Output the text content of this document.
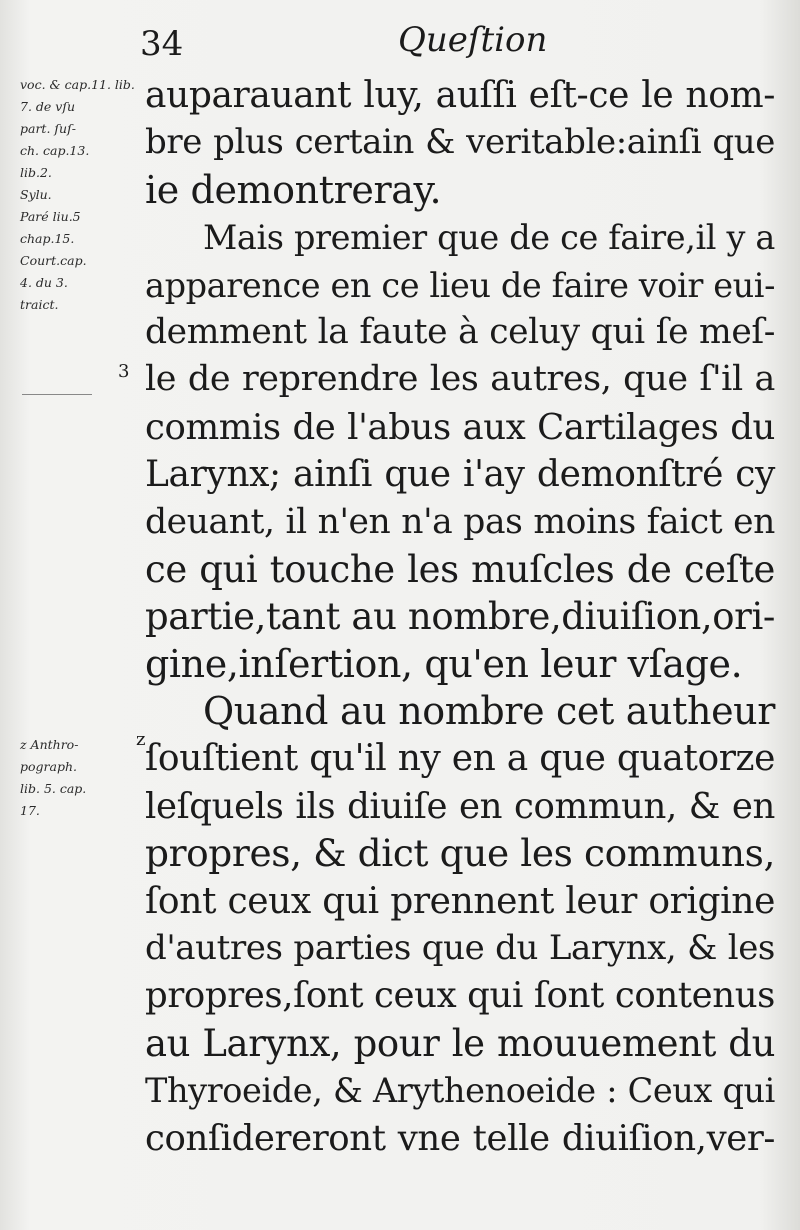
34	Queſtion
voc. & cap.11. lib.
7. de vſu
part. ſuſ-
ch. cap.13.
lib.2.
Sylu.
Paré liu.5
chap.15.
Court.cap.
4. du 3.
traict.
z Anthro-
pograph.
lib. 5. cap.
17.
3
z
auparauant luy, auſſi eſt-ce le nom-
bre plus certain & veritable:ainſi que
ie demontreray.
Mais premier que de ce faire,il y a
apparence en ce lieu de faire voir eui-
demment la faute à celuy qui ſe meſ-
le de reprendre les autres, que ſ'il a
commis de l'abus aux Cartilages du
Larynx; ainſi que i'ay demonſtré cy
deuant, il n'en n'a pas moins faict en
ce qui touche les muſcles de ceſte
partie,tant au nombre,diuiſion,ori-
gine,inſertion, qu'en leur vſage.
Quand au nombre cet autheur
ſouſtient qu'il ny en a que quatorze
leſquels ils diuiſe en commun, & en
propres, & dict que les communs,
ſont ceux qui prennent leur origine
d'autres parties que du Larynx, & les
propres,ſont ceux qui ſont contenus
au Larynx, pour le mouuement du
Thyroeide, & Arythenoeide : Ceux qui
conſidereront vne telle diuiſion,ver-
